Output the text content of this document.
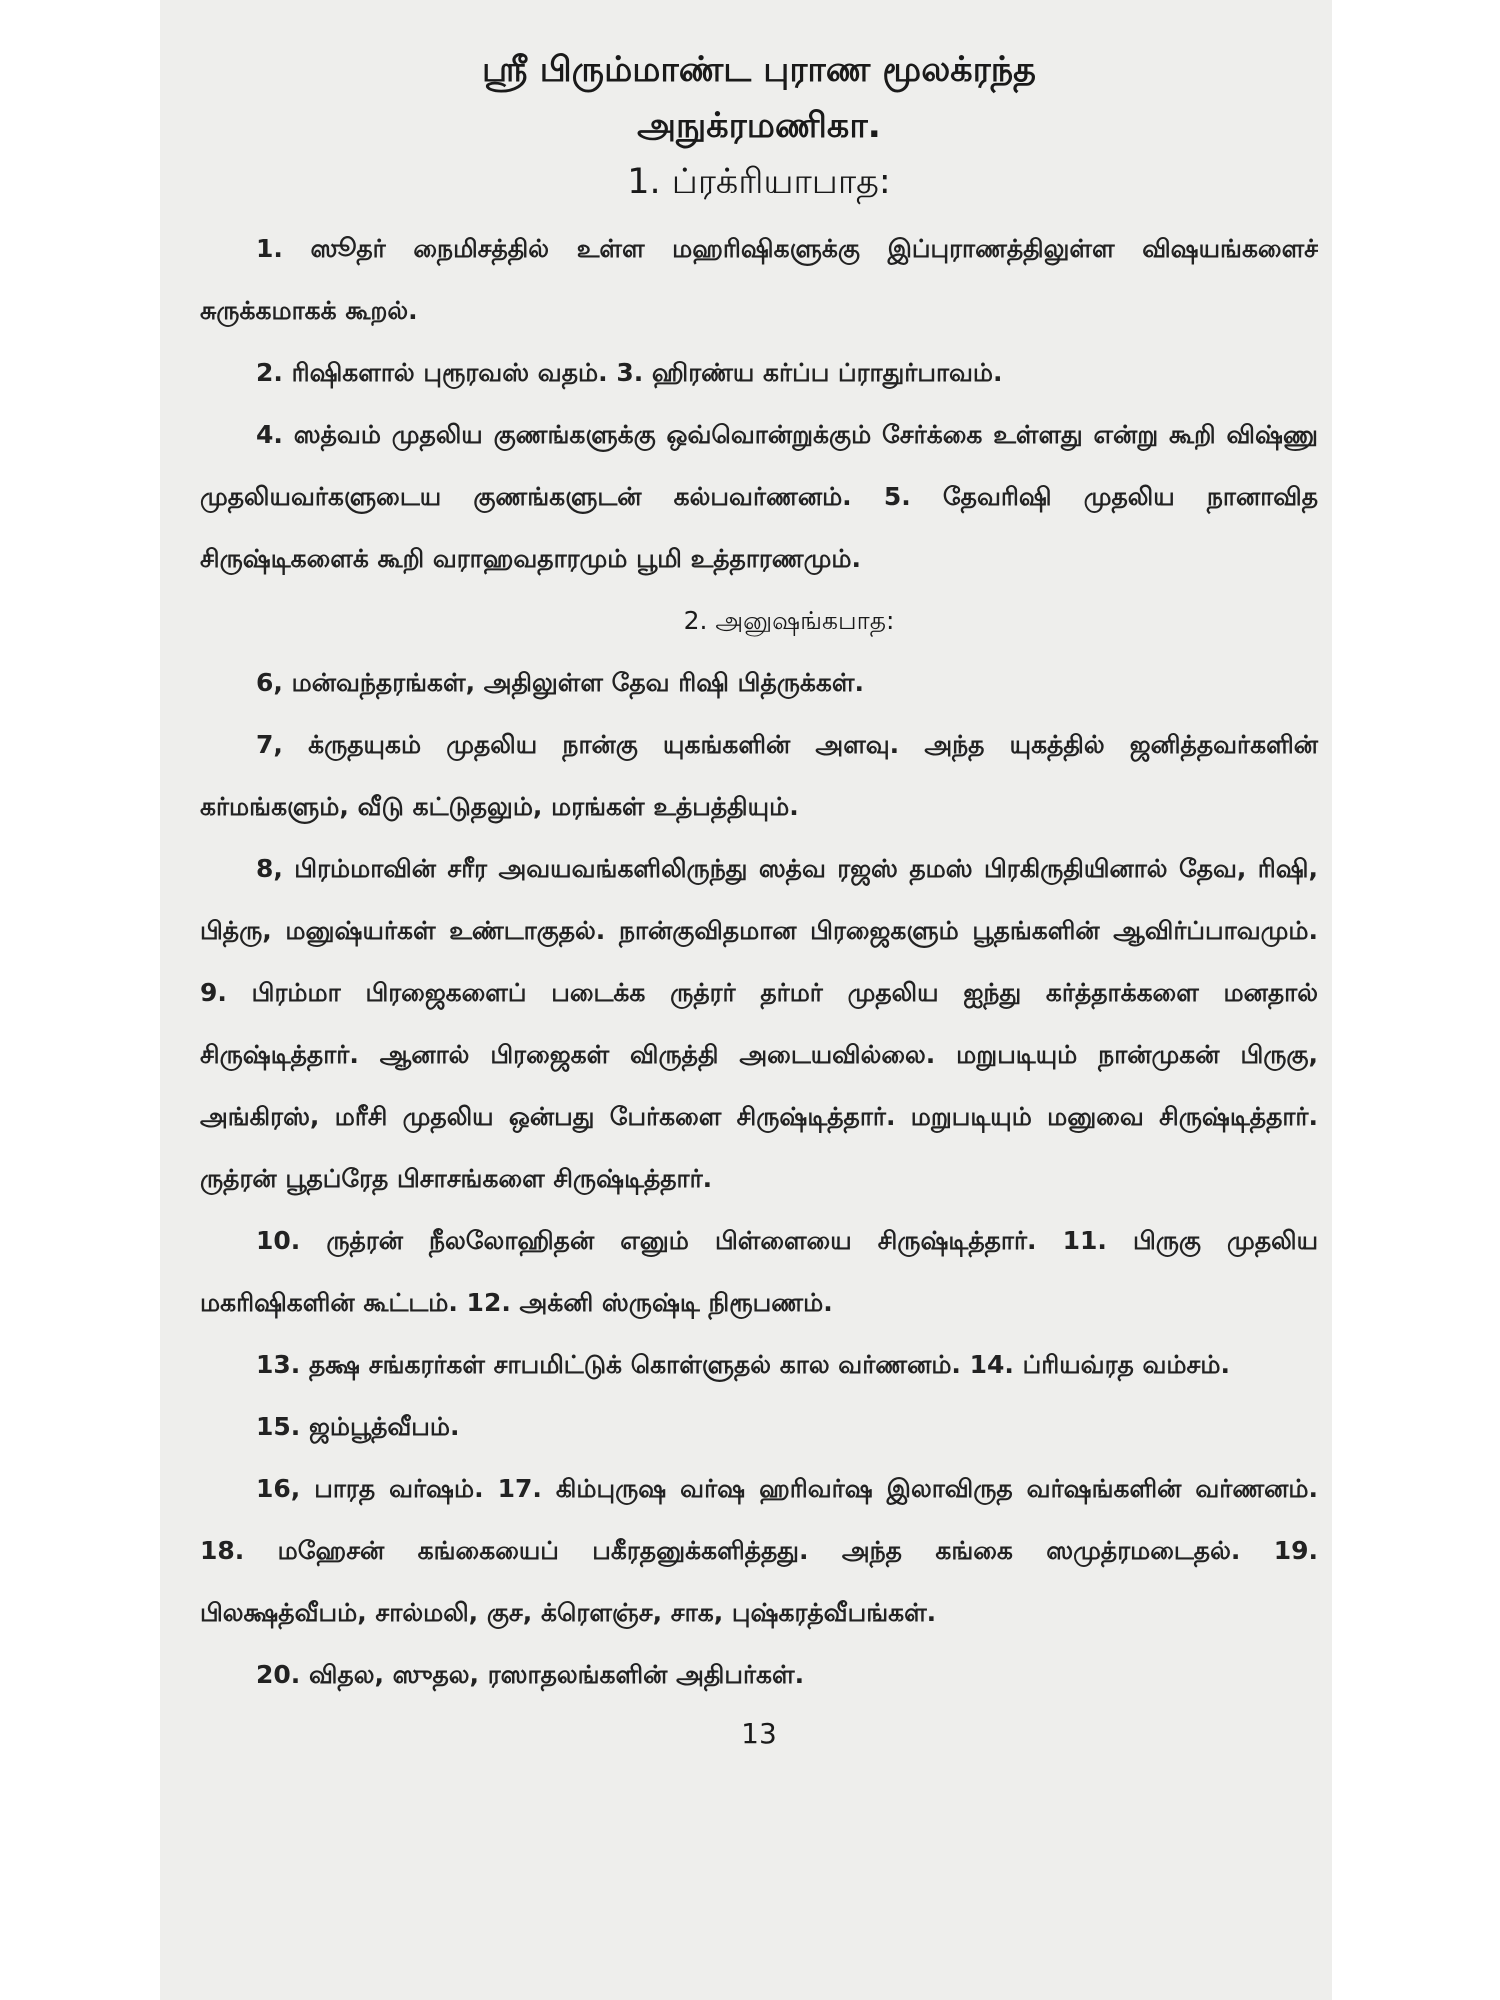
ஸ்ரீ பிரும்மாண்ட புராண மூலக்ரந்த
அநுக்ரமணிகா.
1. ப்ரக்ரியாபாத:

1. ஸூதர் நைமிசத்தில் உள்ள மஹரிஷிகளுக்கு இப்புராணத்திலுள்ள விஷயங்களைச் சுருக்கமாகக் கூறல்.

2. ரிஷிகளால் புரூரவஸ் வதம். 3. ஹிரண்ய கர்ப்ப ப்ராதுர்பாவம்.

4. ஸத்வம் முதலிய குணங்களுக்கு ஒவ்வொன்றுக்கும் சேர்க்கை உள்ளது என்று கூறி விஷ்ணு முதலியவர்களுடைய குணங்களுடன் கல்பவர்ணனம். 5. தேவரிஷி முதலிய நானாவித சிருஷ்டிகளைக் கூறி வராஹவதாரமும் பூமி உத்தாரணமும்.

2. அனுஷங்கபாத:

6, மன்வந்தரங்கள், அதிலுள்ள தேவ ரிஷி பித்ருக்கள்.

7, க்ருதயுகம் முதலிய நான்கு யுகங்களின் அளவு. அந்த யுகத்தில் ஜனித்தவர்களின் கர்மங்களும், வீடு கட்டுதலும், மரங்கள் உத்பத்தியும்.

8, பிரம்மாவின் சரீர அவயவங்களிலிருந்து ஸத்வ ரஜஸ் தமஸ் பிரகிருதியினால் தேவ, ரிஷி, பித்ரு, மனுஷ்யர்கள் உண்டாகுதல். நான்குவிதமான பிரஜைகளும் பூதங்களின் ஆவிர்ப்பாவமும். 9. பிரம்மா பிரஜைகளைப் படைக்க ருத்ரர் தர்மர் முதலிய ஐந்து கர்த்தாக்களை மனதால் சிருஷ்டித்தார். ஆனால் பிரஜைகள் விருத்தி அடையவில்லை. மறுபடியும் நான்முகன் பிருகு, அங்கிரஸ், மரீசி முதலிய ஒன்பது பேர்களை சிருஷ்டித்தார். மறுபடியும் மனுவை சிருஷ்டித்தார். ருத்ரன் பூதப்ரேத பிசாசங்களை சிருஷ்டித்தார்.

10. ருத்ரன் நீலலோஹிதன் எனும் பிள்ளையை சிருஷ்டித்தார். 11. பிருகு முதலிய மகரிஷிகளின் கூட்டம். 12. அக்னி ஸ்ருஷ்டி நிரூபணம்.

13. தக்ஷ சங்கரர்கள் சாபமிட்டுக் கொள்ளுதல் கால வர்ணனம். 14. ப்ரியவ்ரத வம்சம்.

15. ஜம்பூத்வீபம்.

16, பாரத வர்ஷம். 17. கிம்புருஷ வர்ஷ ஹரிவர்ஷ இலாவிருத வர்ஷங்களின் வர்ணனம். 18. மஹேசன் கங்கையைப் பகீரதனுக்களித்தது. அந்த கங்கை ஸமுத்ரமடைதல். 19. பிலக்ஷத்வீபம், சால்மலி, குச, க்ரௌஞ்ச, சாக, புஷ்கரத்வீபங்கள்.

20. விதல, ஸுதல, ரஸாதலங்களின் அதிபர்கள்.

13
